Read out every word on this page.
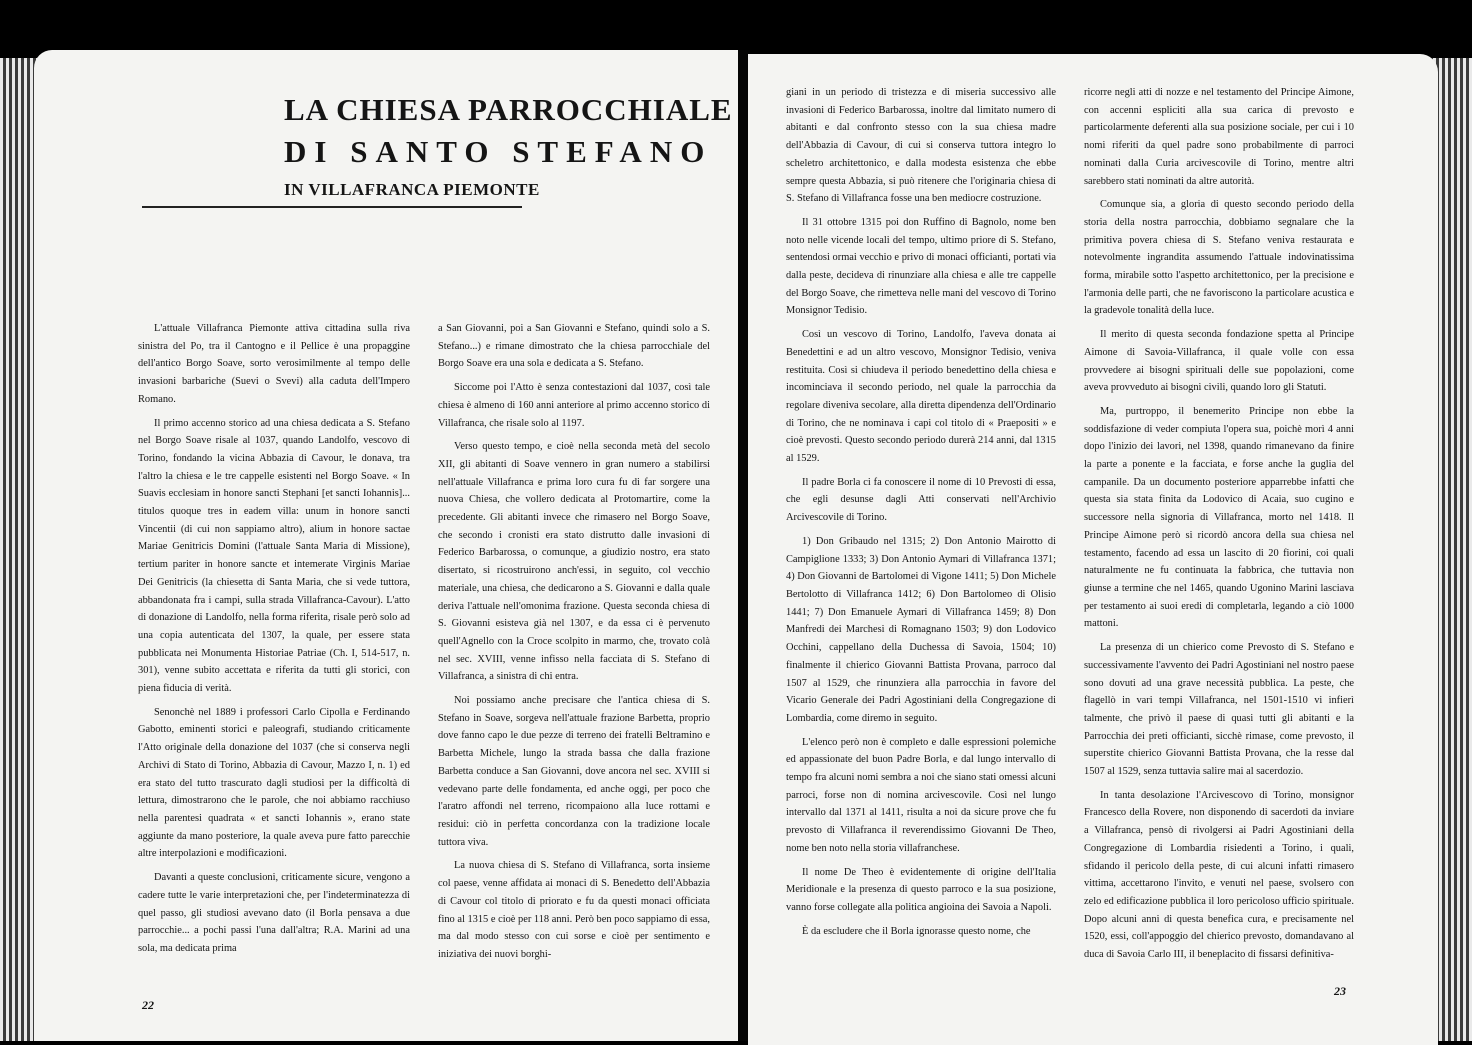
LA CHIESA PARROCCHIALE
DI SANTO STEFANO
IN VILLAFRANCA PIEMONTE

L'attuale Villafranca Piemonte attiva cittadina sulla riva sinistra del Po, tra il Cantogno e il Pellice è una propaggine dell'antico Borgo Soave, sorto verosimilmente al tempo delle invasioni barbariche (Suevi o Svevi) alla caduta dell'Impero Romano.

Il primo accenno storico ad una chiesa dedicata a S. Stefano nel Borgo Soave risale al 1037, quando Landolfo, vescovo di Torino, fondando la vicina Abbazia di Cavour, le donava, tra l'altro la chiesa e le tre cappelle esistenti nel Borgo Soave. « In Suavis ecclesiam in honore sancti Stephani [et sancti Iohannis]... titulos quoque tres in eadem villa: unum in honore sancti Vincentii (di cui non sappiamo altro), alium in honore sactae Mariae Genitricis Domini (l'attuale Santa Maria di Missione), tertium pariter in honore sancte et intemerate Virginis Mariae Dei Genitricis (la chiesetta di Santa Maria, che si vede tuttora, abbandonata fra i campi, sulla strada Villafranca-Cavour). L'atto di donazione di Landolfo, nella forma riferita, risale però solo ad una copia autenticata del 1307, la quale, per essere stata pubblicata nei Monumenta Historiae Patriae (Ch. I, 514-517, n. 301), venne subito accettata e riferita da tutti gli storici, con piena fiducia di verità.

Senonchè nel 1889 i professori Carlo Cipolla e Ferdinando Gabotto, eminenti storici e paleografi, studiando criticamente l'Atto originale della donazione del 1037 (che si conserva negli Archivi di Stato di Torino, Abbazia di Cavour, Mazzo I, n. 1) ed era stato del tutto trascurato dagli studiosi per la difficoltà di lettura, dimostrarono che le parole, che noi abbiamo racchiuso nella parentesi quadrata « et sancti Iohannis », erano state aggiunte da mano posteriore, la quale aveva pure fatto parecchie altre interpolazioni e modificazioni.

Davanti a queste conclusioni, criticamente sicure, vengono a cadere tutte le varie interpretazioni che, per l'indeterminatezza di quel passo, gli studiosi avevano dato (il Borla pensava a due parrocchie... a pochi passi l'una dall'altra; R.A. Marini ad una sola, ma dedicata prima

a San Giovanni, poi a San Giovanni e Stefano, quindi solo a S. Stefano...) e rimane dimostrato che la chiesa parrocchiale del Borgo Soave era una sola e dedicata a S. Stefano.

Siccome poi l'Atto è senza contestazioni dal 1037, così tale chiesa è almeno di 160 anni anteriore al primo accenno storico di Villafranca, che risale solo al 1197.

Verso questo tempo, e cioè nella seconda metà del secolo XII, gli abitanti di Soave vennero in gran numero a stabilirsi nell'attuale Villafranca e prima loro cura fu di far sorgere una nuova Chiesa, che vollero dedicata al Protomartire, come la precedente. Gli abitanti invece che rimasero nel Borgo Soave, che secondo i cronisti era stato distrutto dalle invasioni di Federico Barbarossa, o comunque, a giudizio nostro, era stato disertato, si ricostruirono anch'essi, in seguito, col vecchio materiale, una chiesa, che dedicarono a S. Giovanni e dalla quale deriva l'attuale nell'omonima frazione. Questa seconda chiesa di S. Giovanni esisteva già nel 1307, e da essa ci è pervenuto quell'Agnello con la Croce scolpito in marmo, che, trovato colà nel sec. XVIII, venne infisso nella facciata di S. Stefano di Villafranca, a sinistra di chi entra.

Noi possiamo anche precisare che l'antica chiesa di S. Stefano in Soave, sorgeva nell'attuale frazione Barbetta, proprio dove fanno capo le due pezze di terreno dei fratelli Beltramino e Barbetta Michele, lungo la strada bassa che dalla frazione Barbetta conduce a San Giovanni, dove ancora nel sec. XVIII si vedevano parte delle fondamenta, ed anche oggi, per poco che l'aratro affondi nel terreno, ricompaiono alla luce rottami e residui: ciò in perfetta concordanza con la tradizione locale tuttora viva.

La nuova chiesa di S. Stefano di Villafranca, sorta insieme col paese, venne affidata ai monaci di S. Benedetto dell'Abbazia di Cavour col titolo di priorato e fu da questi monaci officiata fino al 1315 e cioè per 118 anni. Però ben poco sappiamo di essa, ma dal modo stesso con cui sorse e cioè per sentimento e iniziativa dei nuovi borghi-

22

giani in un periodo di tristezza e di miseria successivo alle invasioni di Federico Barbarossa, inoltre dal limitato numero di abitanti e dal confronto stesso con la sua chiesa madre dell'Abbazia di Cavour, di cui si conserva tuttora integro lo scheletro architettonico, e dalla modesta esistenza che ebbe sempre questa Abbazia, si può ritenere che l'originaria chiesa di S. Stefano di Villafranca fosse una ben mediocre costruzione.

Il 31 ottobre 1315 poi don Ruffino di Bagnolo, nome ben noto nelle vicende locali del tempo, ultimo priore di S. Stefano, sentendosi ormai vecchio e privo di monaci officianti, portati via dalla peste, decideva di rinunziare alla chiesa e alle tre cappelle del Borgo Soave, che rimetteva nelle mani del vescovo di Torino Monsignor Tedisio.

Così un vescovo di Torino, Landolfo, l'aveva donata ai Benedettini e ad un altro vescovo, Monsignor Tedisio, veniva restituita. Così si chiudeva il periodo benedettino della chiesa e incominciava il secondo periodo, nel quale la parrocchia da regolare diveniva secolare, alla diretta dipendenza dell'Ordinario di Torino, che ne nominava i capi col titolo di « Praepositi » e cioè prevosti. Questo secondo periodo durerà 214 anni, dal 1315 al 1529.

Il padre Borla ci fa conoscere il nome di 10 Prevosti di essa, che egli desunse dagli Atti conservati nell'Archivio Arcivescovile di Torino.

1) Don Gribaudo nel 1315; 2) Don Antonio Mairotto di Campiglione 1333; 3) Don Antonio Aymari di Villafranca 1371; 4) Don Giovanni de Bartolomei di Vigone 1411; 5) Don Michele Bertolotto di Villafranca 1412; 6) Don Bartolomeo di Olisio 1441; 7) Don Emanuele Aymari di Villafranca 1459; 8) Don Manfredi dei Marchesi di Romagnano 1503; 9) don Lodovico Occhini, cappellano della Duchessa di Savoia, 1504; 10) finalmente il chierico Giovanni Battista Provana, parroco dal 1507 al 1529, che rinunziera alla parrocchia in favore del Vicario Generale dei Padri Agostiniani della Congregazione di Lombardia, come diremo in seguito.

L'elenco però non è completo e dalle espressioni polemiche ed appassionate del buon Padre Borla, e dal lungo intervallo di tempo fra alcuni nomi sembra a noi che siano stati omessi alcuni parroci, forse non di nomina arcivescovile. Così nel lungo intervallo dal 1371 al 1411, risulta a noi da sicure prove che fu prevosto di Villafranca il reverendissimo Giovanni De Theo, nome ben noto nella storia villafranchese.

Il nome De Theo è evidentemente di origine dell'Italia Meridionale e la presenza di questo parroco e la sua posizione, vanno forse collegate alla politica angioina dei Savoia a Napoli.

È da escludere che il Borla ignorasse questo nome, che

ricorre negli atti di nozze e nel testamento del Principe Aimone, con accenni espliciti alla sua carica di prevosto e particolarmente deferenti alla sua posizione sociale, per cui i 10 nomi riferiti da quel padre sono probabilmente di parroci nominati dalla Curia arcivescovile di Torino, mentre altri sarebbero stati nominati da altre autorità.

Comunque sia, a gloria di questo secondo periodo della storia della nostra parrocchia, dobbiamo segnalare che la primitiva povera chiesa di S. Stefano veniva restaurata e notevolmente ingrandita assumendo l'attuale indovinatissima forma, mirabile sotto l'aspetto architettonico, per la precisione e l'armonia delle parti, che ne favoriscono la particolare acustica e la gradevole tonalità della luce.

Il merito di questa seconda fondazione spetta al Principe Aimone di Savoia-Villafranca, il quale volle con essa provvedere ai bisogni spirituali delle sue popolazioni, come aveva provveduto ai bisogni civili, quando loro gli Statuti.

Ma, purtroppo, il benemerito Principe non ebbe la soddisfazione di veder compiuta l'opera sua, poichè morì 4 anni dopo l'inizio dei lavori, nel 1398, quando rimanevano da finire la parte a ponente e la facciata, e forse anche la guglia del campanile. Da un documento posteriore apparrebbe infatti che questa sia stata finita da Lodovico di Acaia, suo cugino e successore nella signoria di Villafranca, morto nel 1418. Il Principe Aimone però si ricordò ancora della sua chiesa nel testamento, facendo ad essa un lascito di 20 fiorini, coi quali naturalmente ne fu continuata la fabbrica, che tuttavia non giunse a termine che nel 1465, quando Ugonino Marini lasciava per testamento ai suoi eredi di completarla, legando a ciò 1000 mattoni.

La presenza di un chierico come Prevosto di S. Stefano e successivamente l'avvento dei Padri Agostiniani nel nostro paese sono dovuti ad una grave necessità pubblica. La peste, che flagellò in vari tempi Villafranca, nel 1501-1510 vi infierì talmente, che privò il paese di quasi tutti gli abitanti e la Parrocchia dei preti officianti, sicchè rimase, come prevosto, il superstite chierico Giovanni Battista Provana, che la resse dal 1507 al 1529, senza tuttavia salire mai al sacerdozio.

In tanta desolazione l'Arcivescovo di Torino, monsignor Francesco della Rovere, non disponendo di sacerdoti da inviare a Villafranca, pensò di rivolgersi ai Padri Agostiniani della Congregazione di Lombardia risiedenti a Torino, i quali, sfidando il pericolo della peste, di cui alcuni infatti rimasero vittima, accettarono l'invito, e venuti nel paese, svolsero con zelo ed edificazione pubblica il loro pericoloso ufficio spirituale. Dopo alcuni anni di questa benefica cura, e precisamente nel 1520, essi, coll'appoggio del chierico prevosto, domandavano al duca di Savoia Carlo III, il beneplacito di fissarsi definitiva-

23
